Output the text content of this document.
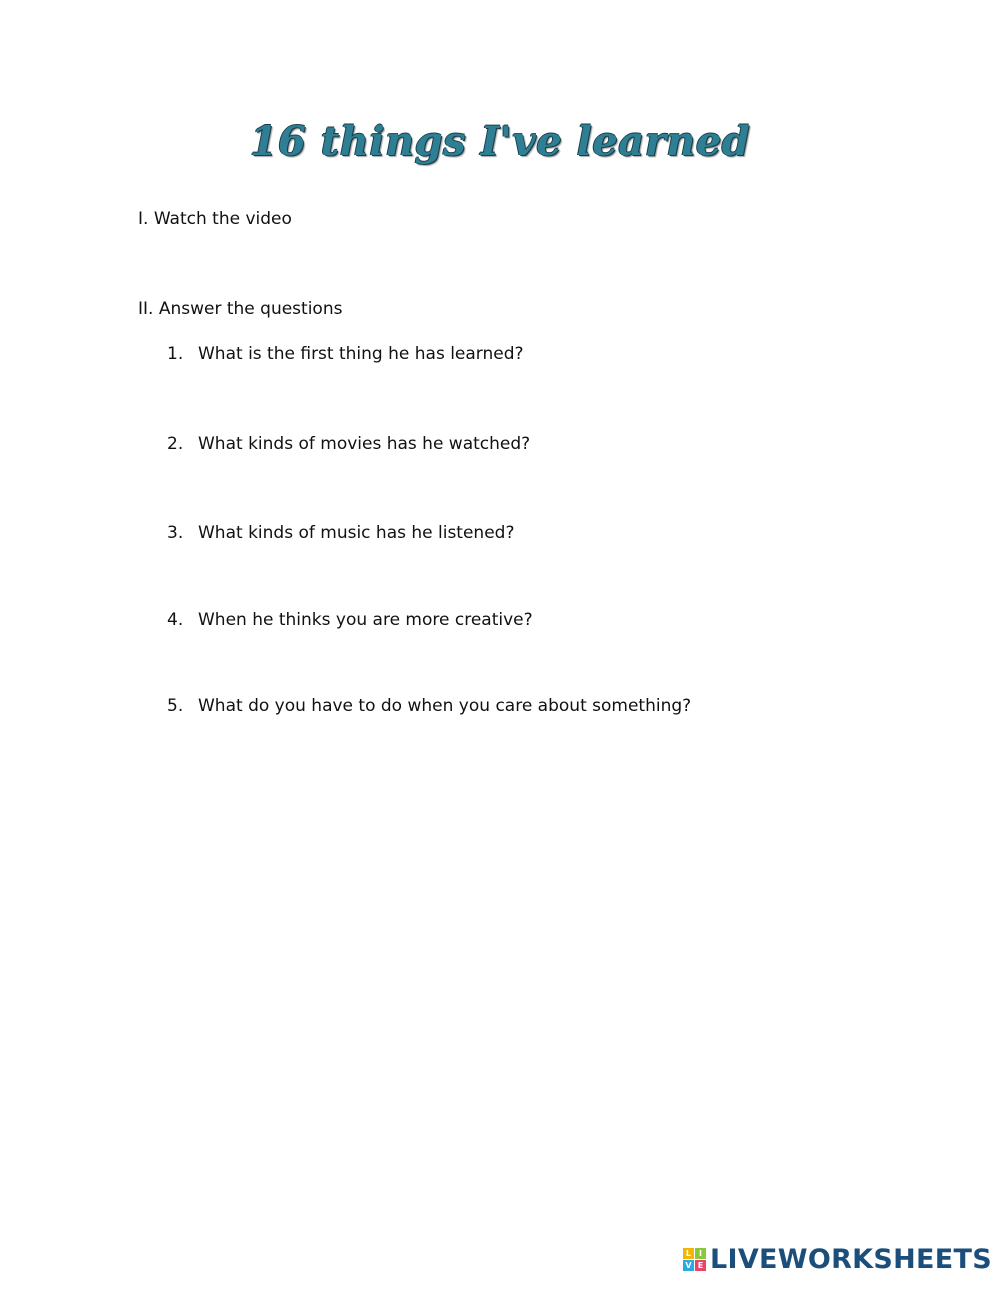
16 things I've learned
I. Watch the video
II. Answer the questions
1. What is the first thing he has learned?
2. What kinds of movies has he watched?
3. What kinds of music has he listened?
4. When he thinks you are more creative?
5. What do you have to do when you care about something?
L I
V E LIVEWORKSHEETS
